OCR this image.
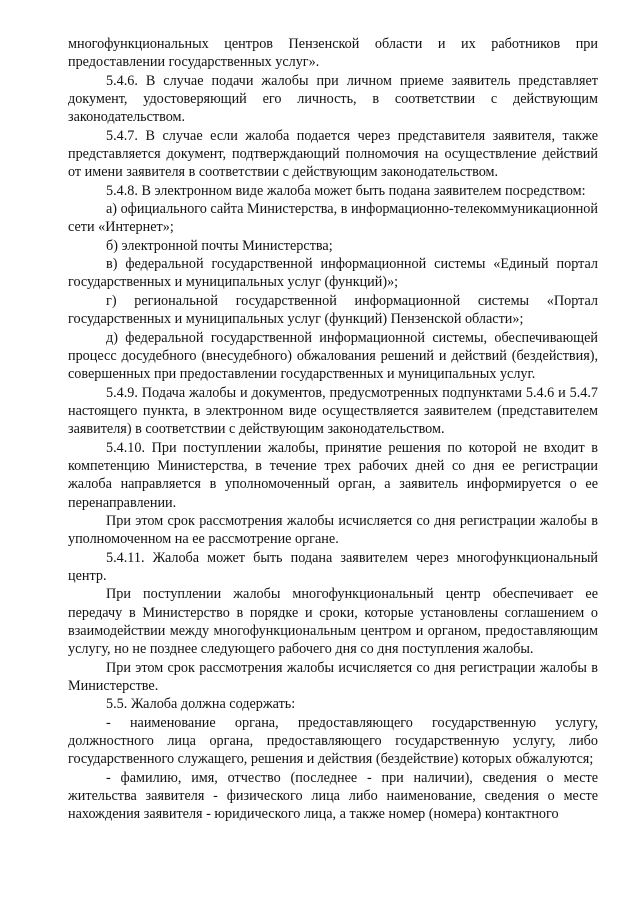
многофункциональных центров Пензенской области и их работников при предоставлении государственных услуг».

5.4.6. В случае подачи жалобы при личном приеме заявитель представляет документ, удостоверяющий его личность, в соответствии с действующим законодательством.

5.4.7. В случае если жалоба подается через представителя заявителя, также представляется документ, подтверждающий полномочия на осуществление действий от имени заявителя в соответствии с действующим законодательством.

5.4.8. В электронном виде жалоба может быть подана заявителем посредством:

а) официального сайта Министерства, в информационно-телекоммуникационной сети «Интернет»;

б) электронной почты Министерства;

в) федеральной государственной информационной системы «Единый портал государственных и муниципальных услуг (функций)»;

г) региональной государственной информационной системы «Портал государственных и муниципальных услуг (функций) Пензенской области»;

д) федеральной государственной информационной системы, обеспечивающей процесс досудебного (внесудебного) обжалования решений и действий (бездействия), совершенных при предоставлении государственных и муниципальных услуг.

5.4.9. Подача жалобы и документов, предусмотренных подпунктами 5.4.6 и 5.4.7 настоящего пункта, в электронном виде осуществляется заявителем (представителем заявителя) в соответствии с действующим законодательством.

5.4.10. При поступлении жалобы, принятие решения по которой не входит в компетенцию Министерства, в течение трех рабочих дней со дня ее регистрации жалоба направляется в уполномоченный орган, а заявитель информируется о ее перенаправлении.

При этом срок рассмотрения жалобы исчисляется со дня регистрации жалобы в уполномоченном на ее рассмотрение органе.

5.4.11. Жалоба может быть подана заявителем через многофункциональный центр.

При поступлении жалобы многофункциональный центр обеспечивает ее передачу в Министерство в порядке и сроки, которые установлены соглашением о взаимодействии между многофункциональным центром и органом, предоставляющим услугу, но не позднее следующего рабочего дня со дня поступления жалобы.

При этом срок рассмотрения жалобы исчисляется со дня регистрации жалобы в Министерстве.

5.5. Жалоба должна содержать:

- наименование органа, предоставляющего государственную услугу, должностного лица органа, предоставляющего государственную услугу, либо государственного служащего, решения и действия (бездействие) которых обжалуются;

- фамилию, имя, отчество (последнее - при наличии), сведения о месте жительства заявителя - физического лица либо наименование, сведения о месте нахождения заявителя - юридического лица, а также номер (номера) контактного
